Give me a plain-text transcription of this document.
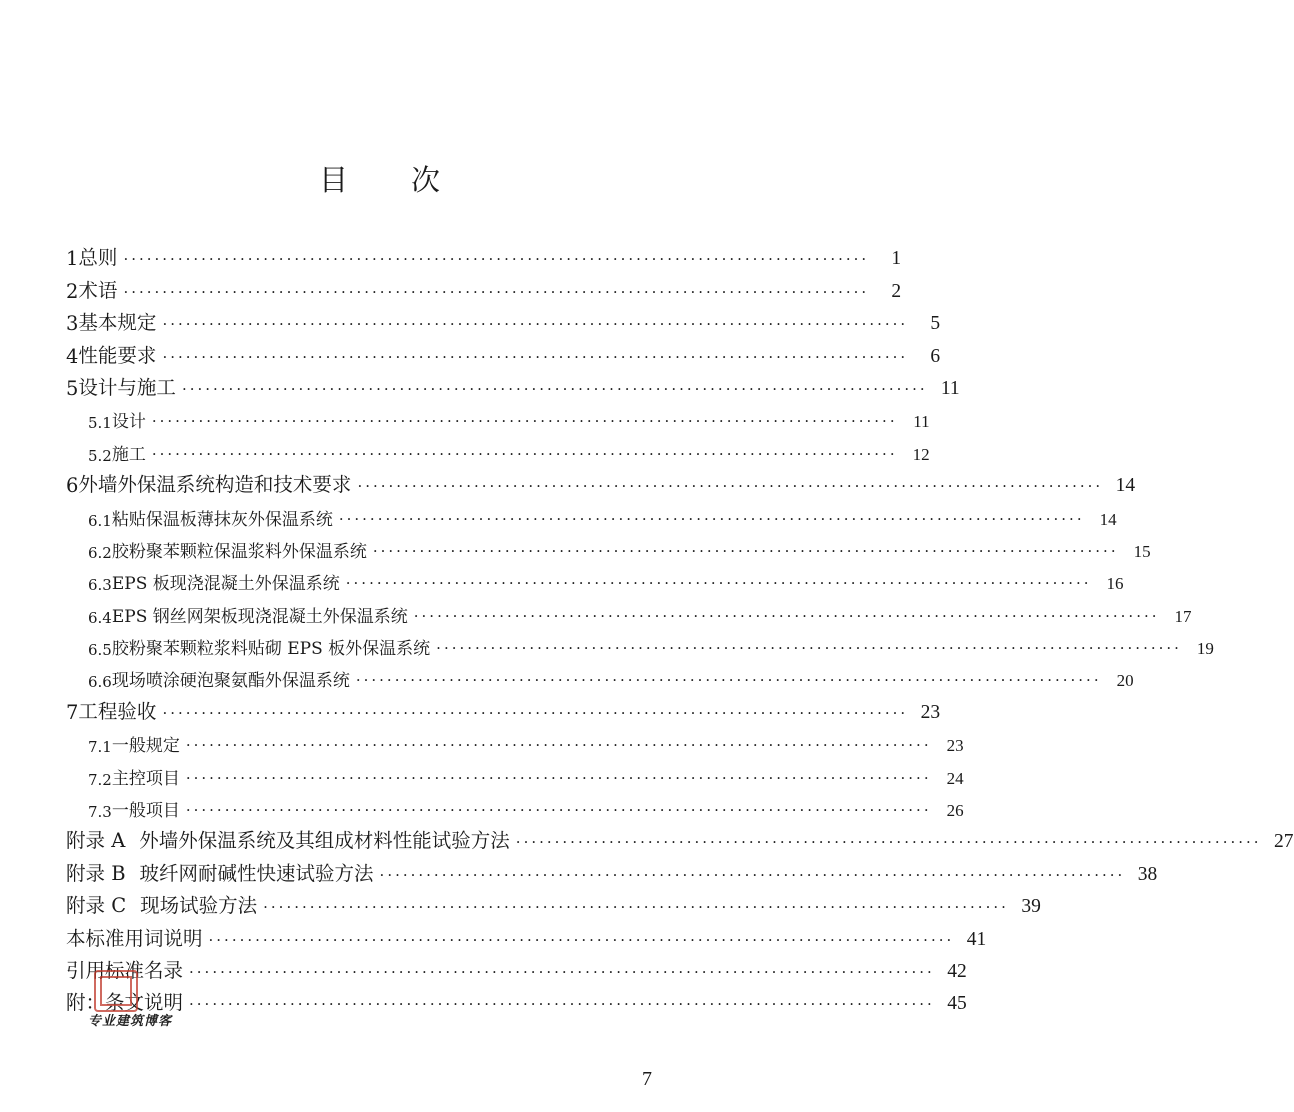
目 次
1 总则 ································································································	1
2 术语 ································································································	2
3 基本规定 ································································································	5
4 性能要求 ································································································	6
5 设计与施工 ································································································ 11
5.1 设计 ································································································ 11
5.2 施工 ································································································ 12
6 外墙外保温系统构造和技术要求 ································································································ 14
6.1 粘贴保温板薄抹灰外保温系统 ································································································ 14
6.2 胶粉聚苯颗粒保温浆料外保温系统 ································································································ 15
6.3 EPS 板现浇混凝土外保温系统 ································································································ 16
6.4 EPS 钢丝网架板现浇混凝土外保温系统 ································································································ 17
6.5 胶粉聚苯颗粒浆料贴砌 EPS 板外保温系统 ································································································ 19
6.6 现场喷涂硬泡聚氨酯外保温系统 ································································································ 20
7 工程验收 ································································································ 23
7.1 一般规定 ································································································ 23
7.2 主控项目 ································································································ 24
7.3 一般项目 ································································································ 26
附录 A 外墙外保温系统及其组成材料性能试验方法 ································································································ 27
附录 B 玻纤网耐碱性快速试验方法 ································································································ 38
附录 C 现场试验方法 ································································································ 39
本标准用词说明 ································································································ 41
引用标准名录 ································································································ 42
附：条文说明 ································································································ 45
专业建筑博客
7
